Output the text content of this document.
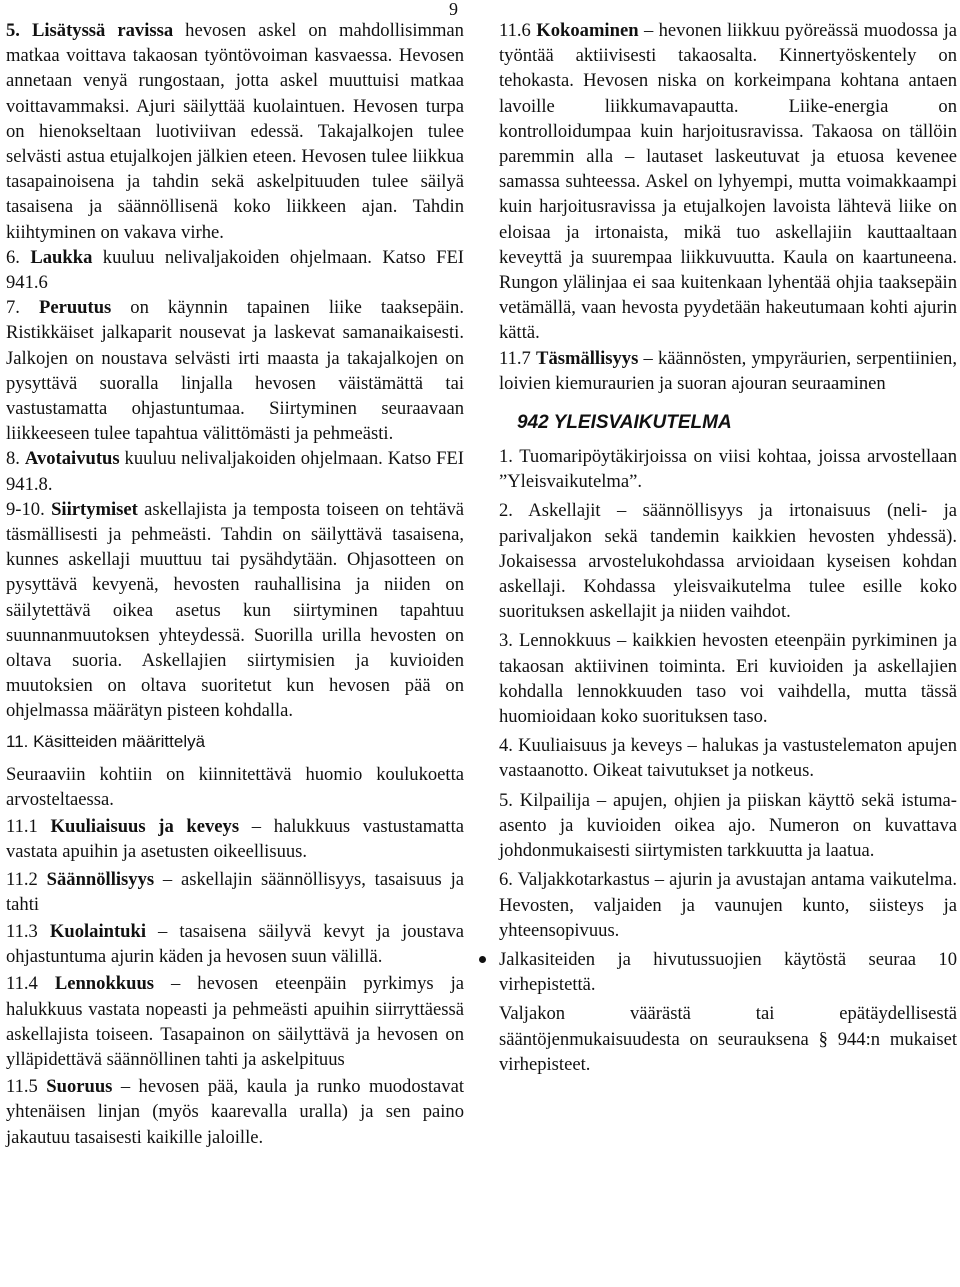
9

5. Lisätyssä ravissa hevosen askel on mahdollisimman matkaa voittava takaosan työntövoiman kasvaessa. Hevosen annetaan venyä rungostaan, jotta askel muuttuisi matkaa voittavammaksi. Ajuri säilyttää kuolaintuen. Hevosen turpa on hienokseltaan luotiviivan edessä. Takajalkojen tulee selvästi astua etujalkojen jälkien eteen. Hevosen tulee liikkua tasapainoisena ja tahdin sekä askelpituuden tulee säilyä tasaisena ja säännöllisenä koko liikkeen ajan. Tahdin kiihtyminen on vakava virhe.

6. Laukka kuuluu nelivaljakoiden ohjelmaan. Katso FEI 941.6

7. Peruutus on käynnin tapainen liike taaksepäin. Ristikkäiset jalkaparit nousevat ja laskevat samanaikaisesti. Jalkojen on noustava selvästi irti maasta ja takajalkojen on pysyttävä suoralla linjalla hevosen väistämättä tai vastustamatta ohjastuntumaa. Siirtyminen seuraavaan liikkeeseen tulee tapahtua välittömästi ja pehmeästi.

8. Avotaivutus kuuluu nelivaljakoiden ohjelmaan. Katso FEI 941.8.

9-10. Siirtymiset askellajista ja temposta toiseen on tehtävä täsmällisesti ja pehmeästi. Tahdin on säilyttävä tasaisena, kunnes askellaji muuttuu tai pysähdytään. Ohjasotteen on pysyttävä kevyenä, hevosten rauhallisina ja niiden on säilytettävä oikea asetus kun siirtyminen tapahtuu suunnanmuutoksen yhteydessä. Suorilla urilla hevosten on oltava suoria. Askellajien siirtymisien ja kuvioiden muutoksien on oltava suoritetut kun hevosen pää on ohjelmassa määrätyn pisteen kohdalla.

11. Käsitteiden määrittelyä

Seuraaviin kohtiin on kiinnitettävä huomio koulukoetta arvosteltaessa.

11.1 Kuuliaisuus ja keveys – halukkuus vastustamatta vastata apuihin ja asetusten oikeellisuus.

11.2 Säännöllisyys – askellajin säännöllisyys, tasaisuus ja tahti

11.3 Kuolaintuki – tasaisena säilyvä kevyt ja joustava ohjastuntuma ajurin käden ja hevosen suun välillä.

11.4 Lennokkuus – hevosen eteenpäin pyrkimys ja halukkuus vastata nopeasti ja pehmeästi apuihin siirryttäessä askellajista toiseen. Tasapainon on säilyttävä ja hevosen on ylläpidettävä säännöllinen tahti ja askelpituus

11.5 Suoruus – hevosen pää, kaula ja runko muodostavat yhtenäisen linjan (myös kaarevalla uralla) ja sen paino jakautuu tasaisesti kaikille jaloille.

11.6 Kokoaminen – hevonen liikkuu pyöreässä muodossa ja työntää aktiivisesti takaosalta. Kinnertyöskentely on tehokasta. Hevosen niska on korkeimpana kohtana antaen lavoille liikkumavapautta. Liike-energia on kontrolloidumpaa kuin harjoitusravissa. Takaosa on tällöin paremmin alla – lautaset laskeutuvat ja etuosa kevenee samassa suhteessa. Askel on lyhyempi, mutta voimakkaampi kuin harjoitusravissa ja etujalkojen lavoista lähtevä liike on eloisaa ja irtonaista, mikä tuo askellajiin kauttaaltaan keveyttä ja suurempaa liikkuvuutta. Kaula on kaartuneena. Rungon ylälinjaa ei saa kuitenkaan lyhentää ohjia taaksepäin vetämällä, vaan hevosta pyydetään hakeutumaan kohti ajurin kättä.

11.7 Täsmällisyys – käännösten, ympyräurien, serpentiinien, loivien kiemuraurien ja suoran ajouran seuraaminen

942 YLEISVAIKUTELMA

1. Tuomaripöytäkirjoissa on viisi kohtaa, joissa arvostellaan ”Yleisvaikutelma”.

2. Askellajit – säännöllisyys ja irtonaisuus (neli- ja parivaljakon sekä tandemin kaikkien hevosten yhdessä). Jokaisessa arvostelukohdassa arvioidaan kyseisen kohdan askellaji. Kohdassa yleisvaikutelma tulee esille koko suorituksen askellajit ja niiden vaihdot.

3. Lennokkuus – kaikkien hevosten eteenpäin pyrkiminen ja takaosan aktiivinen toiminta. Eri kuvioiden ja askellajien kohdalla lennokkuuden taso voi vaihdella, mutta tässä huomioidaan koko suorituksen taso.

4. Kuuliaisuus ja keveys – halukas ja vastustelematon apujen vastaanotto. Oikeat taivutukset ja notkeus.

5. Kilpailija – apujen, ohjien ja piiskan käyttö sekä istuma-asento ja kuvioiden oikea ajo. Numeron on kuvattava johdonmukaisesti siirtymisten tarkkuutta ja laatua.

6. Valjakkotarkastus – ajurin ja avustajan antama vaikutelma. Hevosten, valjaiden ja vaunujen kunto, siisteys ja yhteensopivuus.

Jalkasiteiden ja hivutussuojien käytöstä seuraa 10 virhepistettä.

Valjakon väärästä tai epätäydellisestä sääntöjenmukaisuudesta on seurauksena § 944:n mukaiset virhepisteet.
